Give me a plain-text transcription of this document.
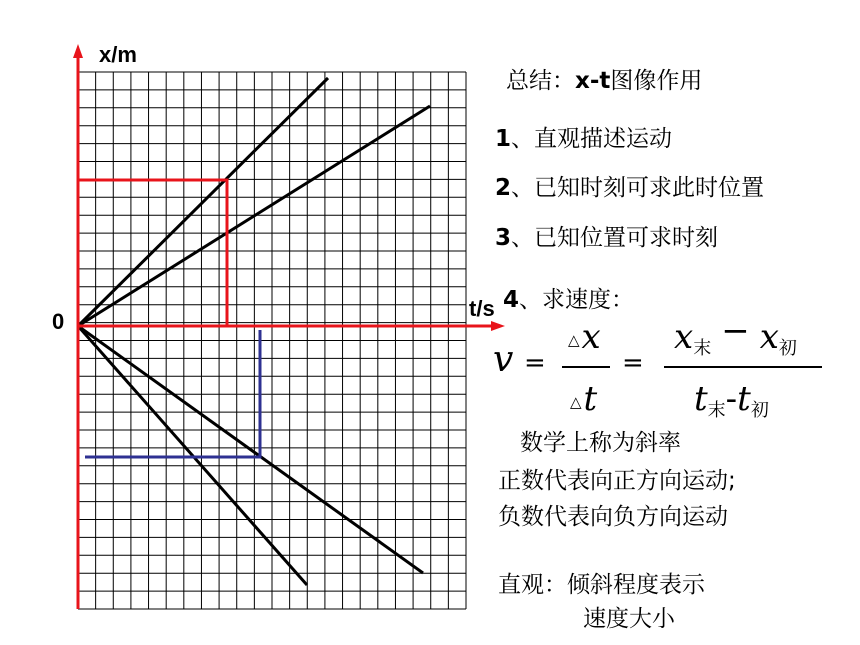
x/m
t/s
0
总结：x-t图像作用
1、直观描述运动
2、已知时刻可求此时位置
3、已知位置可求时刻
4、求速度：
v =
△x
△t
=
x末 − x初
t末-t初
数学上称为斜率
正数代表向正方向运动;
负数代表向负方向运动
直观：倾斜程度表示
速度大小
